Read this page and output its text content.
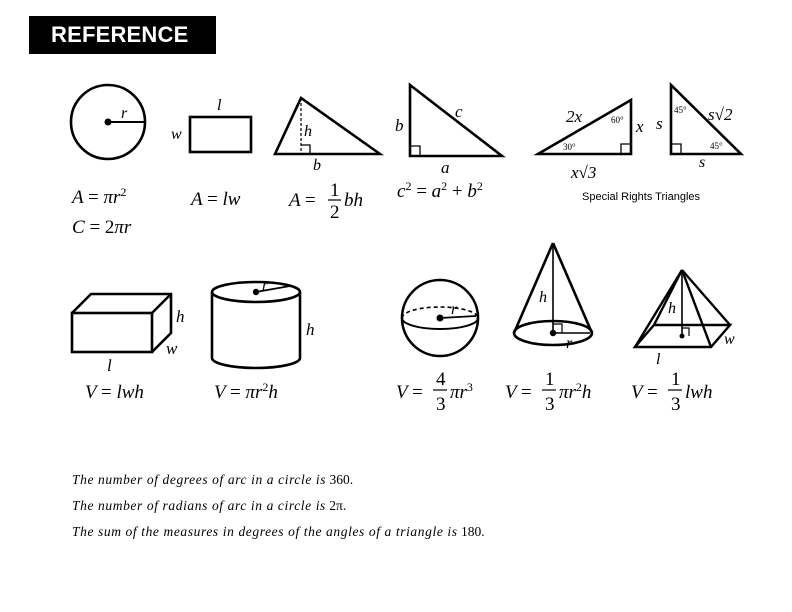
REFERENCE
r	l
w	h
b
b
c
a
2x
x
60°
30°
x√3
s	s√2
45°
45°
s
Special Rights Triangles
$A = \pi r^2$
C = 2πr
A = lw	A = 1
2
bh $c^2 = a^2 + b^2$
h
w
l
r
h
V = lwh	$V = \pi r^2h$
r
h
r
h
l
w
V =
4
3
$\pi r^3$ V =
1
3
$\pi r^2h$ V =
1
3
lwh
The number of degrees of arc in a circle is 360.
The number of radians of arc in a circle is 2π.
The sum of the measures in degrees of the angles of a triangle is 180.
